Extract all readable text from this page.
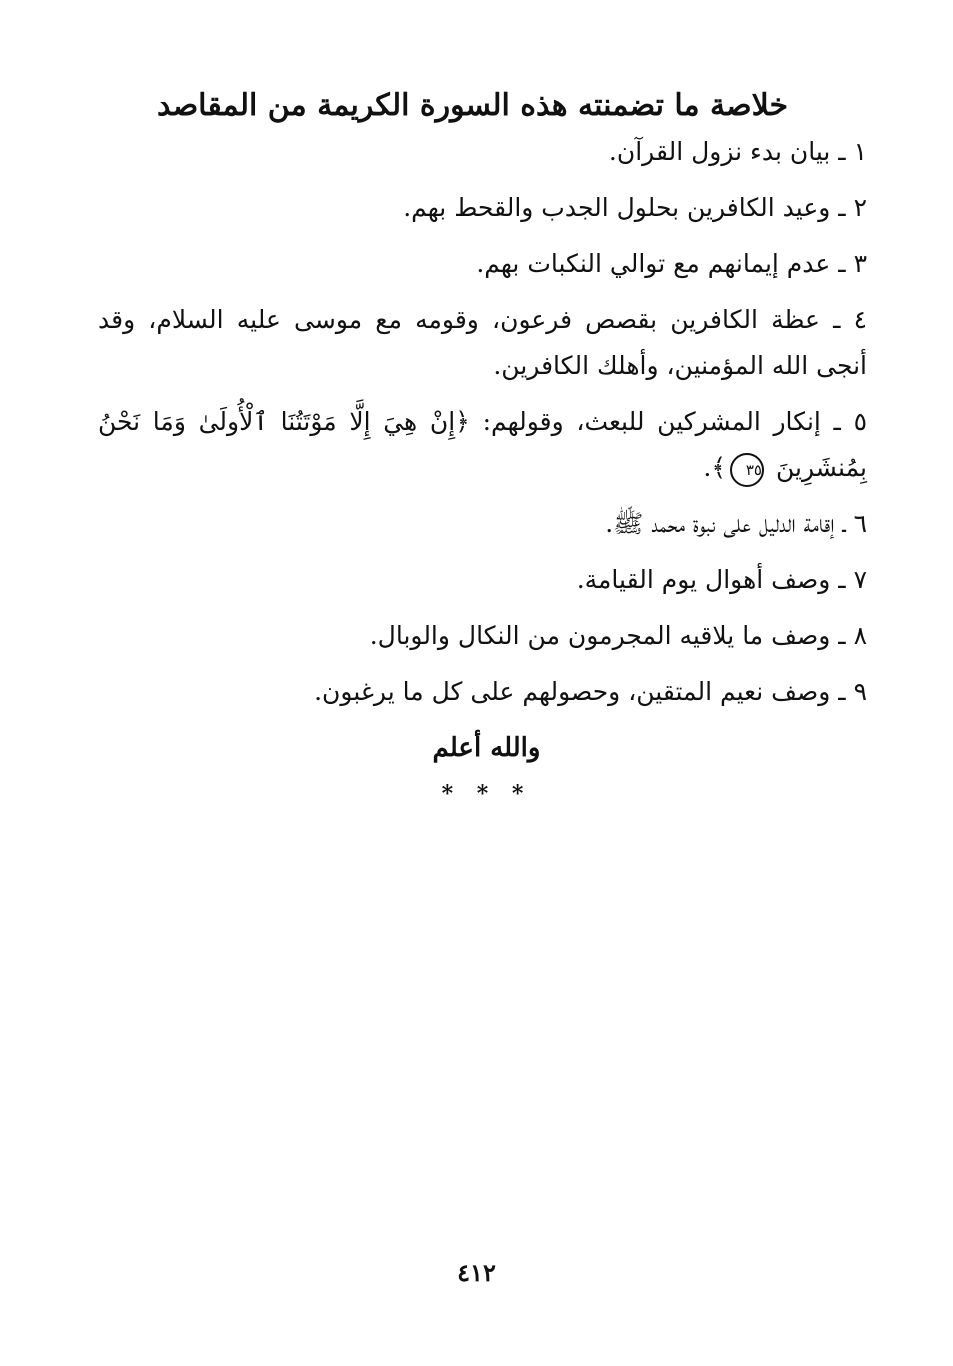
خلاصة ما تضمنته هذه السورة الكريمة من المقاصد
١ ـ بيان بدء نزول القرآن.
٢ ـ وعيد الكافرين بحلول الجدب والقحط بهم.
٣ ـ عدم إيمانهم مع توالي النكبات بهم.
٤ ـ عظة الكافرين بقصص فرعون، وقومه مع موسى عليه السلام، وقد أنجى الله المؤمنين، وأهلك الكافرين.
٥ ـ إنكار المشركين للبعث، وقولهم: ﴿إِنْ هِيَ إِلَّا مَوْتَتُنَا ٱلْأُولَىٰ وَمَا نَحْنُ بِمُنشَرِينَ ٣٥﴾.
٦ ـ إقامة الدليل على نبوة محمد ﷺ.
٧ ـ وصف أهوال يوم القيامة.
٨ ـ وصف ما يلاقيه المجرمون من النكال والوبال.
٩ ـ وصف نعيم المتقين، وحصولهم على كل ما يرغبون.
والله أعلم
* * *
٤١٢
